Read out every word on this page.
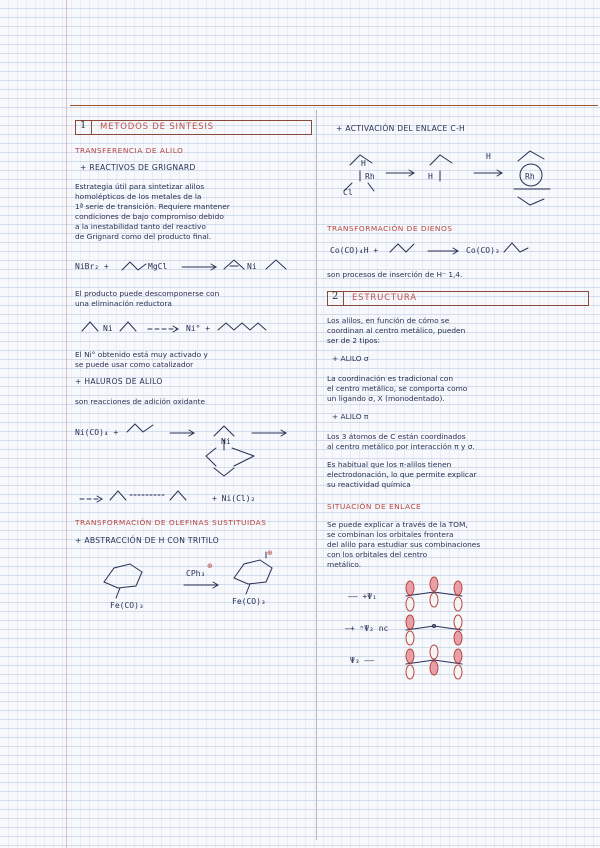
1 METODOS DE SINTESIS
TRANSFERENCIA DE ALILO
+ REACTIVOS DE GRIGNARD
Estrategia útil para sintetizar alilos
homolépticos de los metales de la
1ª serie de transición. Requiere mantener
condiciones de bajo compromiso debido
a la inestabilidad tanto del reactivo
de Grignard como del producto final.
NiBr₂ +	MgCl →	Ni
El producto puede descomponerse con
una eliminación reductora
Ni → Ni° +
El Ni° obtenido está muy activado y
se puede usar como catalizador
+ HALUROS DE ALILO
son reacciones de adición oxidante
Ni(CO)₄ +
Ni
+ Ni(Cl)₂
TRANSFORMACIÓN DE OLEFINAS SUSTITUIDAS
+ ABSTRACCIÓN DE H CON TRITILO
Fe(CO)₃
CPh₃
⊕
⊕
Fe(CO)₃
+ ACTIVACIÓN DEL ENLACE C-H
H
Rh
Cl
H
H
Rh
TRANSFORMACIÓN DE DIENOS
Co(CO)₄H +	→ Co(CO)₃
son procesos de inserción de H⁻ 1,4.
2 ESTRUCTURA
Los alilos, en función de cómo se
coordinan al centro metálico, pueden
ser de 2 tipos:
+ ALILO σ
La coordinación es tradicional con
el centro metálico, se comporta como
un ligando σ, X (monodentado).
+ ALILO π
Los 3 átomos de C están coordinados
al centro metálico por interacción π y σ.
Es habitual que los π-alilos tienen
electrodonación, lo que permite explicar
su reactividad química
SITUACIÓN DE ENLACE
Se puede explicar a través de la TOM,
se combinan los orbitales frontera
del alilo para estudiar sus combinaciones
con los orbitales del centro
metálico.
—— +Ψ₁
—+ ⁿΨ₂ nc
Ψ₃ ——
